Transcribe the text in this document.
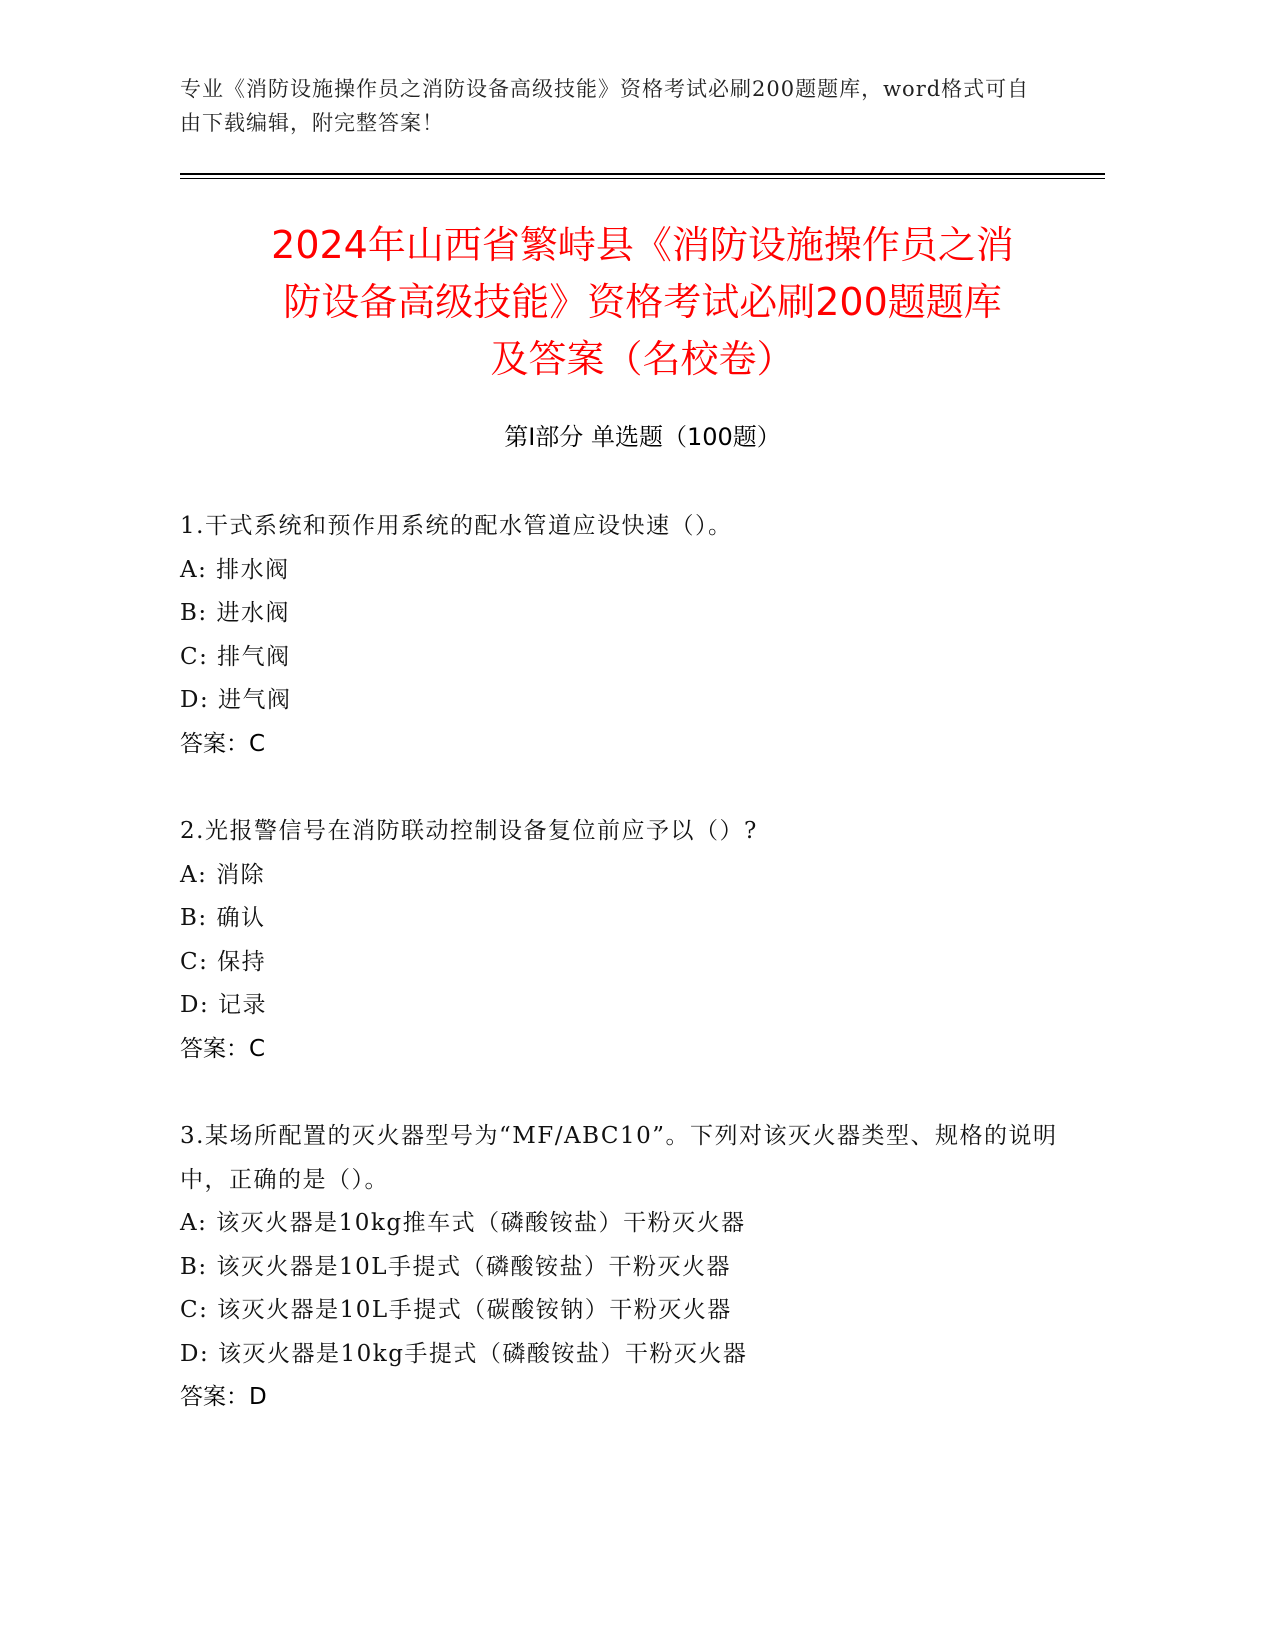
专业《消防设施操作员之消防设备高级技能》资格考试必刷200题题库，word格式可自由下载编辑，附完整答案！
2024年山西省繁峙县《消防设施操作员之消
防设备高级技能》资格考试必刷200题题库
及答案（名校卷）
第Ⅰ部分 单选题（100题）

1.干式系统和预作用系统的配水管道应设快速（）。

A: 排水阀

B: 进水阀

C: 排气阀

D: 进气阀

答案：C

2.光报警信号在消防联动控制设备复位前应予以（）?

A: 消除

B: 确认

C: 保持

D: 记录

答案：C

3.某场所配置的灭火器型号为“MF/ABC10”。下列对该灭火器类型、规格的说明中，正确的是（）。

A: 该灭火器是10kg推车式（磷酸铵盐）干粉灭火器

B: 该灭火器是10L手提式（磷酸铵盐）干粉灭火器

C: 该灭火器是10L手提式（碳酸铵钠）干粉灭火器

D: 该灭火器是10kg手提式（磷酸铵盐）干粉灭火器

答案：D
